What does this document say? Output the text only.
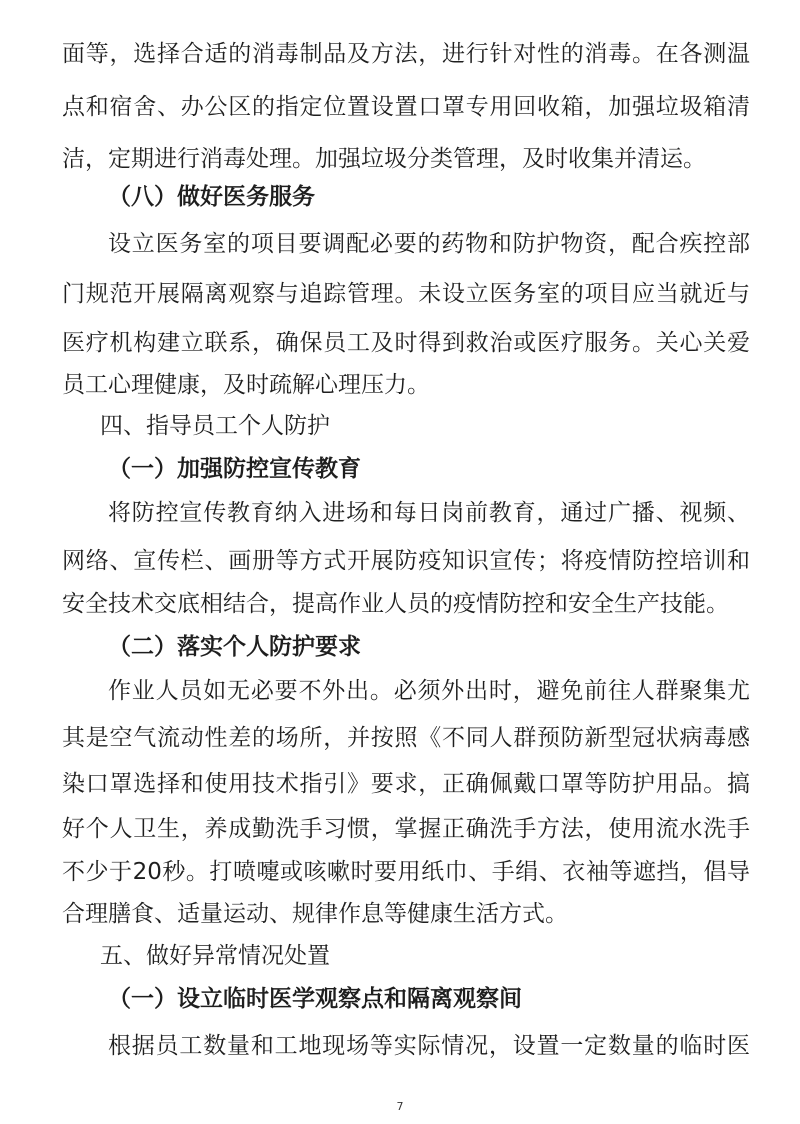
面等，选择合适的消毒制品及方法，进行针对性的消毒。在各测温

点和宿舍、办公区的指定位置设置口罩专用回收箱，加强垃圾箱清

洁，定期进行消毒处理。加强垃圾分类管理，及时收集并清运。

（八）做好医务服务

设立医务室的项目要调配必要的药物和防护物资，配合疾控部

门规范开展隔离观察与追踪管理。未设立医务室的项目应当就近与

医疗机构建立联系，确保员工及时得到救治或医疗服务。关心关爱

员工心理健康，及时疏解心理压力。

四、指导员工个人防护

（一）加强防控宣传教育

将防控宣传教育纳入进场和每日岗前教育，通过广播、视频、

网络、宣传栏、画册等方式开展防疫知识宣传；将疫情防控培训和

安全技术交底相结合，提高作业人员的疫情防控和安全生产技能。

（二）落实个人防护要求

作业人员如无必要不外出。必须外出时，避免前往人群聚集尤

其是空气流动性差的场所，并按照《不同人群预防新型冠状病毒感

染口罩选择和使用技术指引》要求，正确佩戴口罩等防护用品。搞

好个人卫生，养成勤洗手习惯，掌握正确洗手方法，使用流水洗手

不少于20秒。打喷嚏或咳嗽时要用纸巾、手绢、衣袖等遮挡，倡导

合理膳食、适量运动、规律作息等健康生活方式。

五、做好异常情况处置

（一）设立临时医学观察点和隔离观察间

根据员工数量和工地现场等实际情况，设置一定数量的临时医

7
